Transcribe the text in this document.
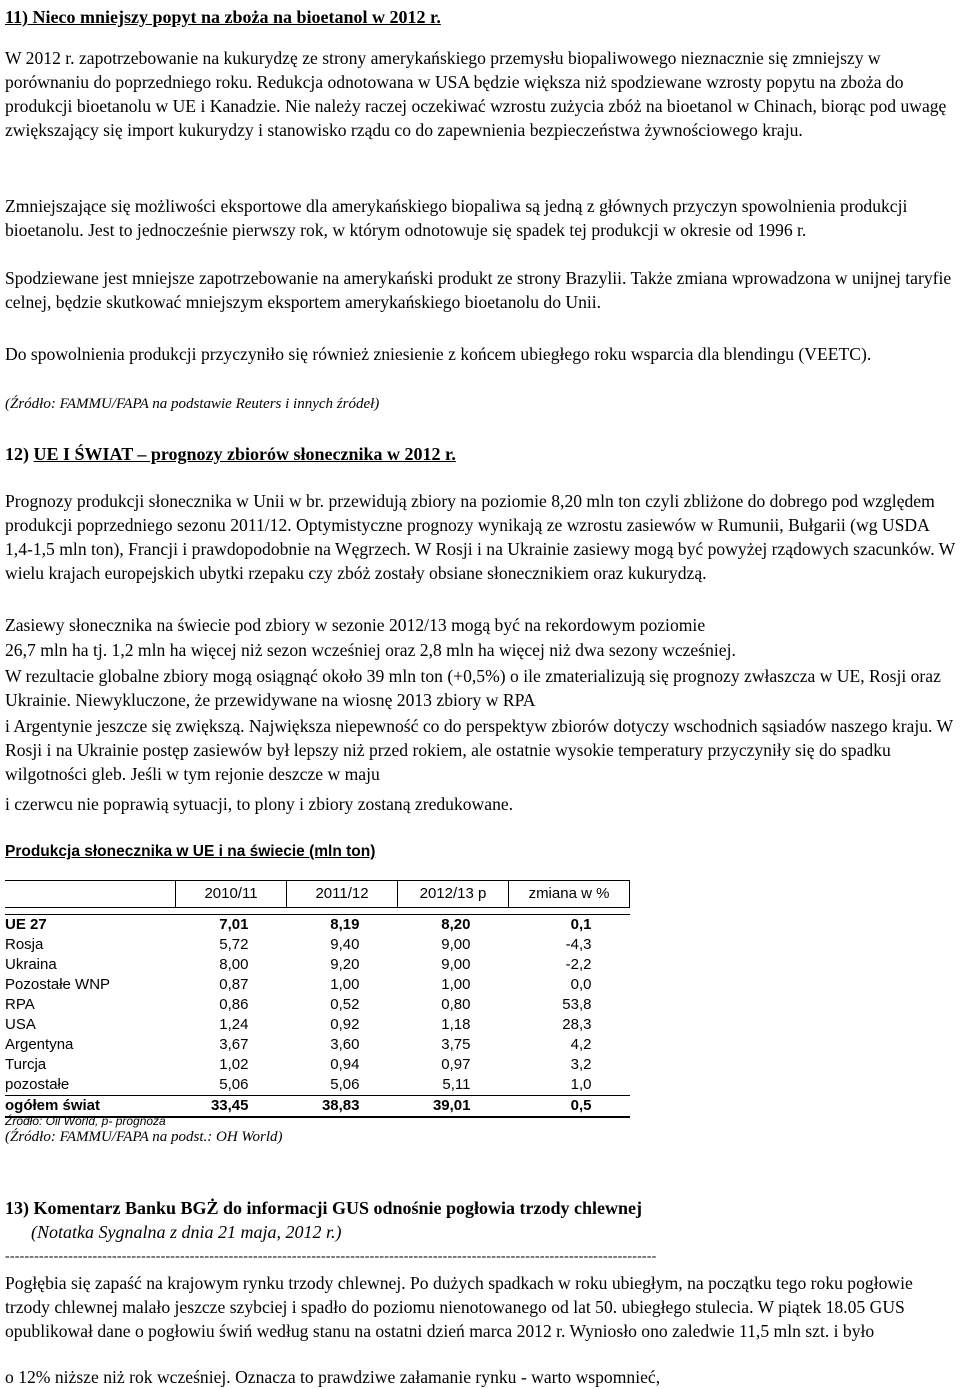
11) Nieco mniejszy popyt na zboża na bioetanol w 2012 r.

W 2012 r. zapotrzebowanie na kukurydzę ze strony amerykańskiego przemysłu biopaliwowego nieznacznie się zmniejszy w porównaniu do poprzedniego roku. Redukcja odnotowana w USA będzie większa niż spodziewane wzrosty popytu na zboża do produkcji bioetanolu w UE i Kanadzie. Nie należy raczej oczekiwać wzrostu zużycia zbóż na bioetanol w Chinach, biorąc pod uwagę zwiększający się import kukurydzy i stanowisko rządu co do zapewnienia bezpieczeństwa żywnościowego kraju.

Zmniejszające się możliwości eksportowe dla amerykańskiego biopaliwa są jedną z głównych przyczyn spowolnienia produkcji bioetanolu. Jest to jednocześnie pierwszy rok, w którym odnotowuje się spadek tej produkcji w okresie od 1996 r.

Spodziewane jest mniejsze zapotrzebowanie na amerykański produkt ze strony Brazylii. Także zmiana wprowadzona w unijnej taryfie celnej, będzie skutkować mniejszym eksportem amerykańskiego bioetanolu do Unii.

Do spowolnienia produkcji przyczyniło się również zniesienie z końcem ubiegłego roku wsparcia dla blendingu (VEETC).

(Źródło: FAMMU/FAPA na podstawie Reuters i innych źródeł)
12) UE I ŚWIAT – prognozy zbiorów słonecznika w 2012 r.

Prognozy produkcji słonecznika w Unii w br. przewidują zbiory na poziomie 8,20 mln ton czyli zbliżone do dobrego pod względem produkcji poprzedniego sezonu 2011/12. Optymistyczne prognozy wynikają ze wzrostu zasiewów w Rumunii, Bułgarii (wg USDA 1,4-1,5 mln ton), Francji i prawdopodobnie na Węgrzech. W Rosji i na Ukrainie zasiewy mogą być powyżej rządowych szacunków. W wielu krajach europejskich ubytki rzepaku czy zbóż zostały obsiane słonecznikiem oraz kukurydzą.

Zasiewy słonecznika na świecie pod zbiory w sezonie 2012/13 mogą być na rekordowym poziomie

26,7 mln ha tj. 1,2 mln ha więcej niż sezon wcześniej oraz 2,8 mln ha więcej niż dwa sezony wcześniej.

W rezultacie globalne zbiory mogą osiągnąć około 39 mln ton (+0,5%) o ile zmaterializują się prognozy zwłaszcza w UE, Rosji oraz Ukrainie. Niewykluczone, że przewidywane na wiosnę 2013 zbiory w RPA

i Argentynie jeszcze się zwiększą. Największa niepewność co do perspektyw zbiorów dotyczy wschodnich sąsiadów naszego kraju. W Rosji i na Ukrainie postęp zasiewów był lepszy niż przed rokiem, ale ostatnie wysokie temperatury przyczyniły się do spadku wilgotności gleb. Jeśli w tym rejonie deszcze w maju

i czerwcu nie poprawią sytuacji, to plony i zbiory zostaną zredukowane.

Produkcja słonecznika w UE i na świecie (mln ton)
	2010/11	2011/12	2012/13 p	zmiana w %

UE 27	7,01	8,19	8,20	0,1
Rosja	5,72	9,40	9,00	-4,3
Ukraina	8,00	9,20	9,00	-2,2
Pozostałe WNP	0,87	1,00	1,00	0,0
RPA	0,86	0,52	0,80	53,8
USA	1,24	0,92	1,18	28,3
Argentyna	3,67	3,60	3,75	4,2
Turcja	1,02	0,94	0,97	3,2
pozostałe	5,06	5,06	5,11	1,0
ogółem świat	33,45	38,83	39,01	0,5
Źródło: Oil World, p- prognoza
(Źródło: FAMMU/FAPA na podst.: OH World)
13) Komentarz Banku BGŻ do informacji GUS odnośnie pogłowia trzody chlewnej
(Notatka Sygnalna z dnia 21 maja, 2012 r.)
--------------------------------------------------------------------------------------------------------------------------------------

Pogłębia się zapaść na krajowym rynku trzody chlewnej. Po dużych spadkach w roku ubiegłym, na początku tego roku pogłowie trzody chlewnej malało jeszcze szybciej i spadło do poziomu nienotowanego od lat 50. ubiegłego stulecia. W piątek 18.05 GUS opublikował dane o pogłowiu świń według stanu na ostatni dzień marca 2012 r. Wyniosło ono zaledwie 11,5 mln szt. i było

o 12% niższe niż rok wcześniej. Oznacza to prawdziwe załamanie rynku - warto wspomnieć,
